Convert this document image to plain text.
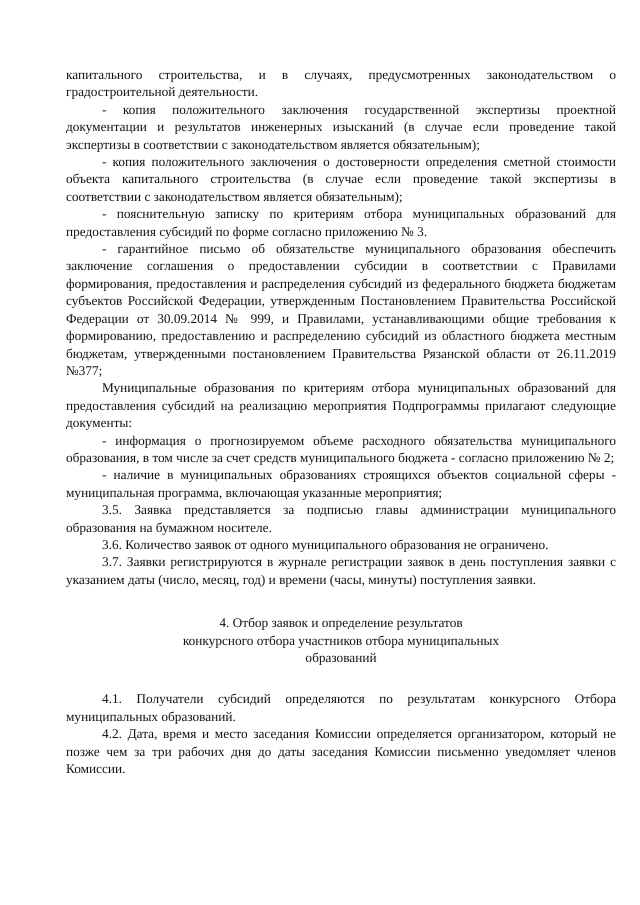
капитального строительства, и в случаях, предусмотренных законодательством о градостроительной деятельности.

- копия положительного заключения государственной экспертизы проектной документации и результатов инженерных изысканий (в случае если проведение такой экспертизы в соответствии с законодательством является обязательным);

- копия положительного заключения о достоверности определения сметной стоимости объекта капитального строительства (в случае если проведение такой экспертизы в соответствии с законодательством является обязательным);

- пояснительную записку по критериям отбора муниципальных образований для предоставления субсидий по форме согласно приложению № 3.

- гарантийное письмо об обязательстве муниципального образования обеспечить заключение соглашения о предоставлении субсидии в соответствии с Правилами формирования, предоставления и распределения субсидий из федерального бюджета бюджетам субъектов Российской Федерации, утвержденным Постановлением Правительства Российской Федерации от 30.09.2014 № 999, и Правилами, устанавливающими общие требования к формированию, предоставлению и распределению субсидий из областного бюджета местным бюджетам, утвержденными постановлением Правительства Рязанской области от 26.11.2019 №377;

Муниципальные образования по критериям отбора муниципальных образований для предоставления субсидий на реализацию мероприятия Подпрограммы прилагают следующие документы:

- информация о прогнозируемом объеме расходного обязательства муниципального образования, в том числе за счет средств муниципального бюджета - согласно приложению № 2;

- наличие в муниципальных образованиях строящихся объектов социальной сферы - муниципальная программа, включающая указанные мероприятия;

3.5. Заявка представляется за подписью главы администрации муниципального образования на бумажном носителе.

3.6. Количество заявок от одного муниципального образования не ограничено.

3.7. Заявки регистрируются в журнале регистрации заявок в день поступления заявки с указанием даты (число, месяц, год) и времени (часы, минуты) поступления заявки.

4. Отбор заявок и определение результатов
конкурсного отбора участников отбора муниципальных
образований

4.1. Получатели субсидий определяются по результатам конкурсного Отбора муниципальных образований.

4.2. Дата, время и место заседания Комиссии определяется организатором, который не позже чем за три рабочих дня до даты заседания Комиссии письменно уведомляет членов Комиссии.
